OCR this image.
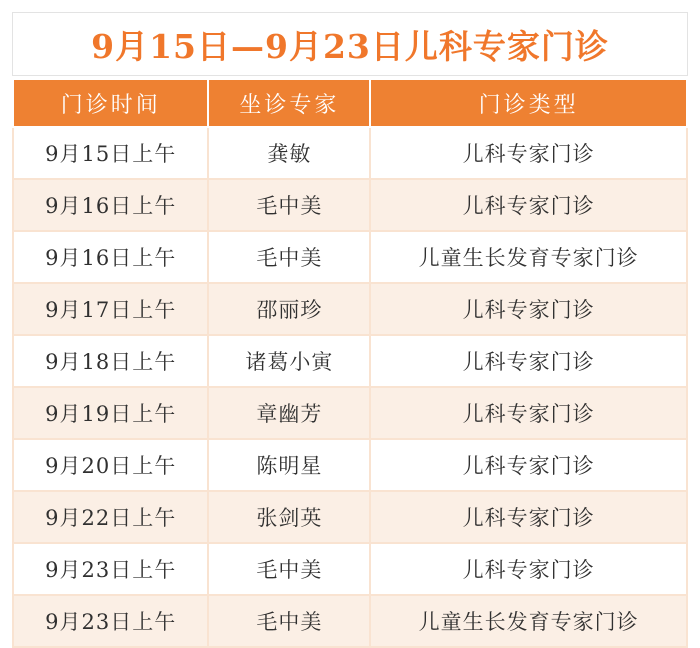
9月15日—9月23日儿科专家门诊
门诊时间	坐诊专家	门诊类型
9月15日上午	龚敏	儿科专家门诊
9月16日上午	毛中美	儿科专家门诊
9月16日上午	毛中美	儿童生长发育专家门诊
9月17日上午	邵丽珍	儿科专家门诊
9月18日上午	诸葛小寅	儿科专家门诊
9月19日上午	章幽芳	儿科专家门诊
9月20日上午	陈明星	儿科专家门诊
9月22日上午	张剑英	儿科专家门诊
9月23日上午	毛中美	儿科专家门诊
9月23日上午	毛中美	儿童生长发育专家门诊
